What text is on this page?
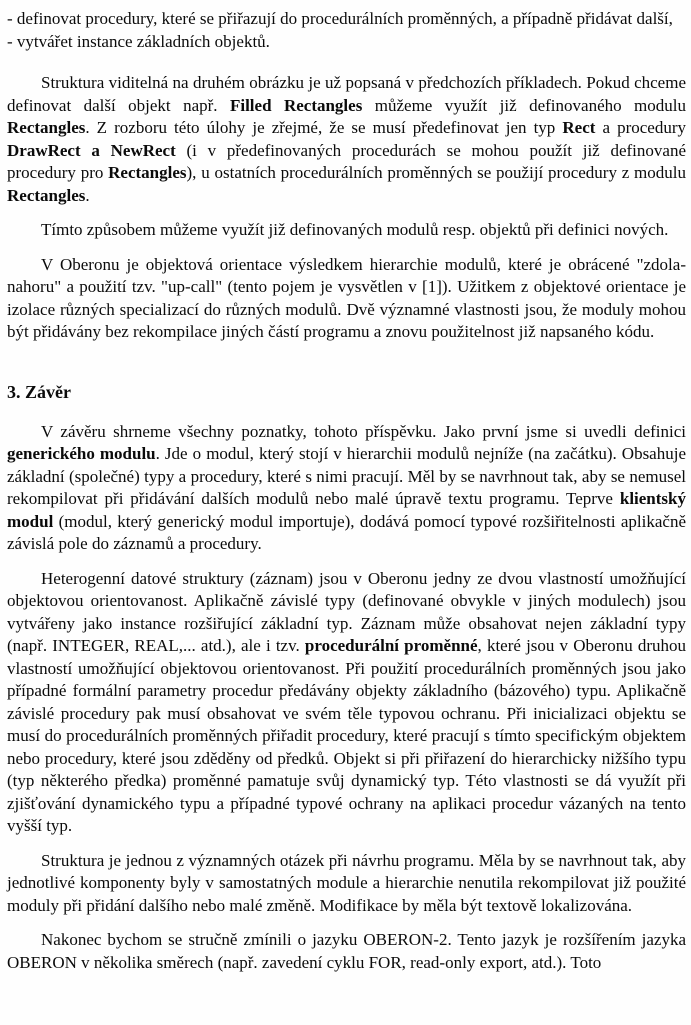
- definovat procedury, které se přiřazují do procedurálních proměnných, a případně přidávat další,
- vytvářet instance základních objektů.

Struktura viditelná na druhém obrázku je už popsaná v předchozích příkladech. Pokud chceme definovat další objekt např. Filled Rectangles můžeme využít již definovaného modulu Rectangles. Z rozboru této úlohy je zřejmé, že se musí předefinovat jen typ Rect a procedury DrawRect a NewRect (i v předefinovaných procedurách se mohou použít již definované procedury pro Rectangles), u ostatních procedurálních proměnných se použijí procedury z modulu Rectangles.

Tímto způsobem můžeme využít již definovaných modulů resp. objektů při definici nových.

V Oberonu je objektová orientace výsledkem hierarchie modulů, které je obrácené "zdola-nahoru" a použití tzv. "up-call" (tento pojem je vysvětlen v [1]). Užitkem z objektové orientace je izolace různých specializací do různých modulů. Dvě významné vlastnosti jsou, že moduly mohou být přidávány bez rekompilace jiných částí programu a znovu použitelnost již napsaného kódu.

3. Závěr

V závěru shrneme všechny poznatky, tohoto příspěvku. Jako první jsme si uvedli definici generického modulu. Jde o modul, který stojí v hierarchii modulů nejníže (na začátku). Obsahuje základní (společné) typy a procedury, které s nimi pracují. Měl by se navrhnout tak, aby se nemusel rekompilovat při přidávání dalších modulů nebo malé úpravě textu programu. Teprve klientský modul (modul, který generický modul importuje), dodává pomocí typové rozšiřitelnosti aplikačně závislá pole do záznamů a procedury.

Heterogenní datové struktury (záznam) jsou v Oberonu jedny ze dvou vlastností umožňující objektovou orientovanost. Aplikačně závislé typy (definované obvykle v jiných modulech) jsou vytvářeny jako instance rozšiřující základní typ. Záznam může obsahovat nejen základní typy (např. INTEGER, REAL,... atd.), ale i tzv. procedurální proměnné, které jsou v Oberonu druhou vlastností umožňující objektovou orientovanost. Při použití procedurálních proměnných jsou jako případné formální parametry procedur předávány objekty základního (bázového) typu. Aplikačně závislé procedury pak musí obsahovat ve svém těle typovou ochranu. Při inicializaci objektu se musí do procedurálních proměnných přiřadit procedury, které pracují s tímto specifickým objektem nebo procedury, které jsou zděděny od předků. Objekt si při přiřazení do hierarchicky nižšího typu (typ některého předka) proměnné pamatuje svůj dynamický typ. Této vlastnosti se dá využít při zjišťování dynamického typu a případné typové ochrany na aplikaci procedur vázaných na tento vyšší typ.

Struktura je jednou z významných otázek při návrhu programu. Měla by se navrhnout tak, aby jednotlivé komponenty byly v samostatných module a hierarchie nenutila rekompilovat již použité moduly při přidání dalšího nebo malé změně. Modifikace by měla být textově lokalizována.

Nakonec bychom se stručně zmínili o jazyku OBERON-2. Tento jazyk je rozšířením jazyka OBERON v několika směrech (např. zavedení cyklu FOR, read-only export, atd.). Toto
